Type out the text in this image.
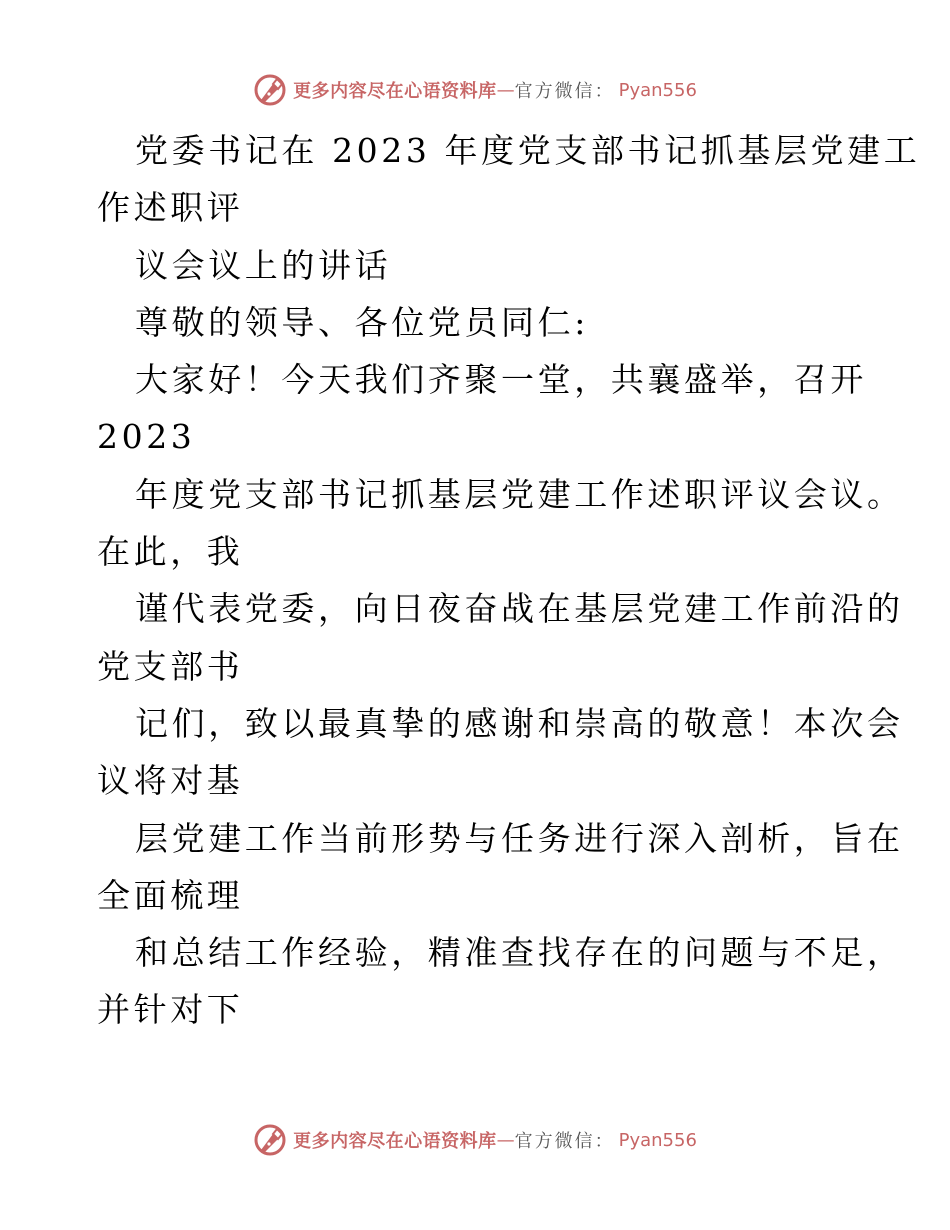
更多内容尽在心语资料库 — 官方微信： Pyan556
党委书记在 2023 年度党支部书记抓基层党建工
作述职评
议会议上的讲话
尊敬的领导、各位党员同仁:
大家好！今天我们齐聚一堂，共襄盛举，召开
2023
年度党支部书记抓基层党建工作述职评议会议。
在此，我
谨代表党委，向日夜奋战在基层党建工作前沿的
党支部书
记们，致以最真挚的感谢和崇高的敬意！本次会
议将对基
层党建工作当前形势与任务进行深入剖析，旨在
全面梳理
和总结工作经验，精准查找存在的问题与不足，
并针对下
更多内容尽在心语资料库 — 官方微信： Pyan556
